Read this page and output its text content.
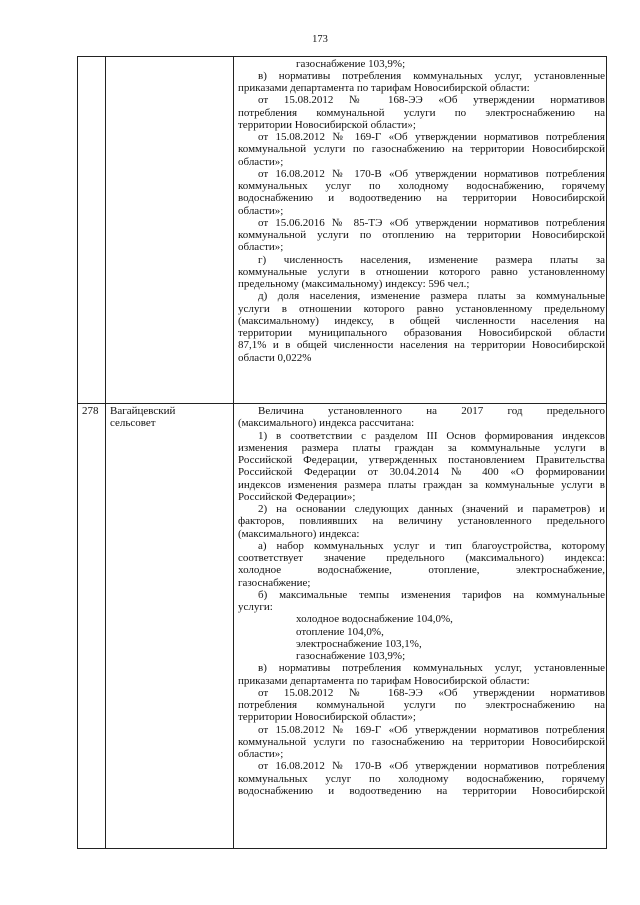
173
газоснабжение 103,9%;
в) нормативы потребления коммунальных услуг, установленные
приказами департамента по тарифам Новосибирской области:
от 15.08.2012 № 168-ЭЭ «Об утверждении нормативов
потребления коммунальной услуги по электроснабжению на
территории Новосибирской области»;
от 15.08.2012 № 169-Г «Об утверждении нормативов потребления
коммунальной услуги по газоснабжению на территории Новосибирской
области»;
от 16.08.2012 № 170-В «Об утверждении нормативов потребления
коммунальных услуг по холодному водоснабжению, горячему
водоснабжению и водоотведению на территории Новосибирской
области»;
от 15.06.2016 № 85-ТЭ «Об утверждении нормативов потребления
коммунальной услуги по отоплению на территории Новосибирской
области»;
г) численность населения, изменение размера платы за
коммунальные услуги в отношении которого равно установленному
предельному (максимальному) индексу: 596 чел.;
д) доля населения, изменение размера платы за коммунальные
услуги в отношении которого равно установленному предельному
(максимальному) индексу, в общей численности населения на
территории муниципального образования Новосибирской области
87,1% и в общей численности населения на территории Новосибирской
области 0,022%
278 Вагайцевский
сельсовет
Величина установленного на 2017 год предельного
(максимального) индекса рассчитана:
1) в соответствии с разделом III Основ формирования индексов
изменения размера платы граждан за коммунальные услуги в
Российской Федерации, утвержденных постановлением Правительства
Российской Федерации от 30.04.2014 № 400 «О формировании
индексов изменения размера платы граждан за коммунальные услуги в
Российской Федерации»;
2) на основании следующих данных (значений и параметров) и
факторов, повлиявших на величину установленного предельного
(максимального) индекса:
а) набор коммунальных услуг и тип благоустройства, которому
соответствует значение предельного (максимального) индекса:
холодное водоснабжение, отопление, электроснабжение,
газоснабжение;
б) максимальные темпы изменения тарифов на коммунальные
услуги:
холодное водоснабжение 104,0%,
отопление 104,0%,
электроснабжение 103,1%,
газоснабжение 103,9%;
в) нормативы потребления коммунальных услуг, установленные
приказами департамента по тарифам Новосибирской области:
от 15.08.2012 № 168-ЭЭ «Об утверждении нормативов
потребления коммунальной услуги по электроснабжению на
территории Новосибирской области»;
от 15.08.2012 № 169-Г «Об утверждении нормативов потребления
коммунальной услуги по газоснабжению на территории Новосибирской
области»;
от 16.08.2012 № 170-В «Об утверждении нормативов потребления
коммунальных услуг по холодному водоснабжению, горячему
водоснабжению и водоотведению на территории Новосибирской
